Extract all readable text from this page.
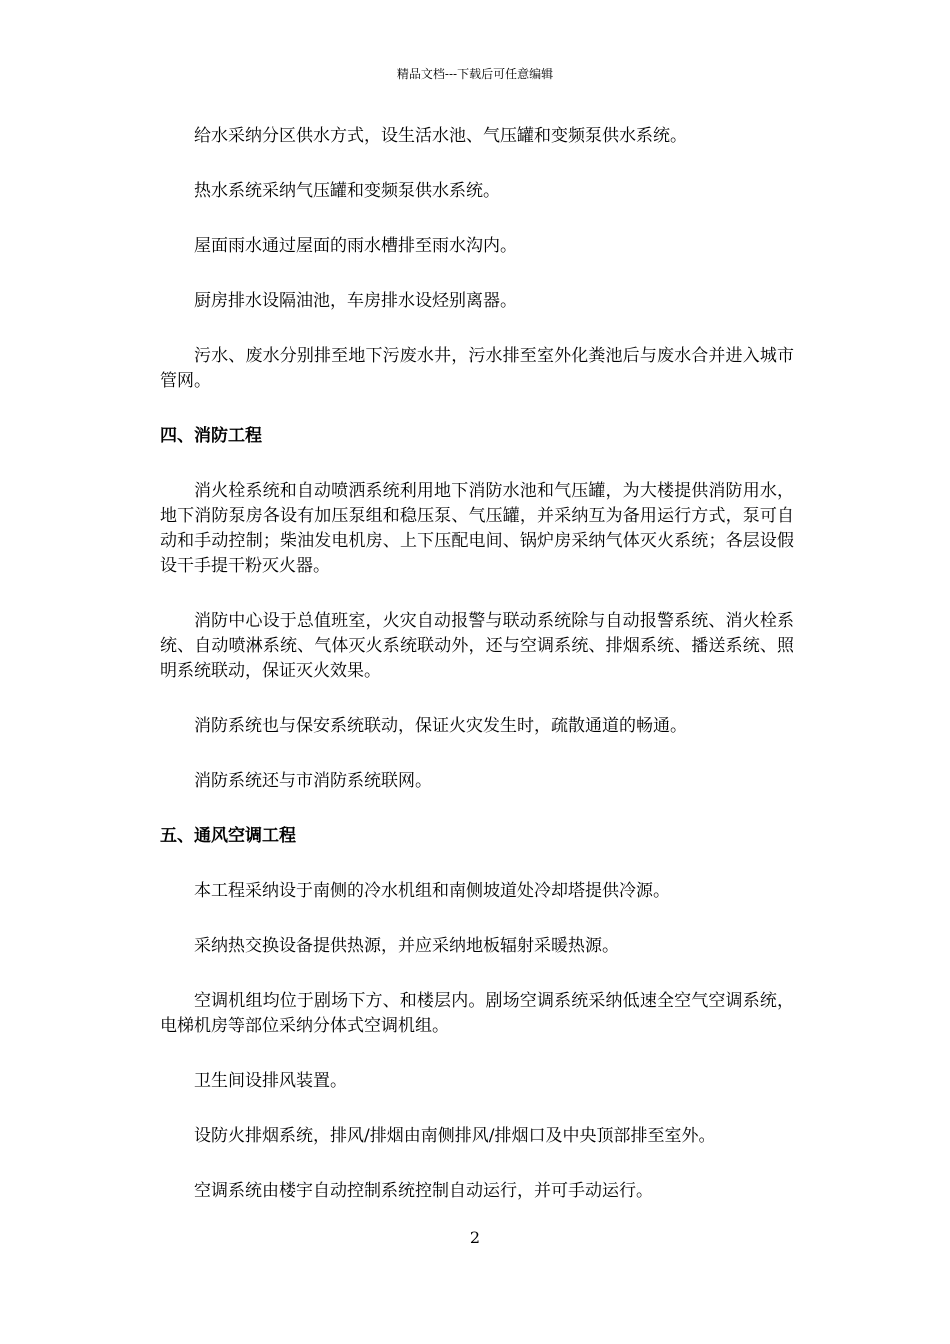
精品文档---下载后可任意编辑

给水采纳分区供水方式，设生活水池、气压罐和变频泵供水系统。

热水系统采纳气压罐和变频泵供水系统。

屋面雨水通过屋面的雨水槽排至雨水沟内。

厨房排水设隔油池，车房排水设烃别离器。

污水、废水分别排至地下污废水井，污水排至室外化粪池后与废水合并进入城市管网。

四、消防工程

消火栓系统和自动喷洒系统利用地下消防水池和气压罐，为大楼提供消防用水，地下消防泵房各设有加压泵组和稳压泵、气压罐，并采纳互为备用运行方式，泵可自动和手动控制；柴油发电机房、上下压配电间、锅炉房采纳气体灭火系统；各层设假设干手提干粉灭火器。

消防中心设于总值班室，火灾自动报警与联动系统除与自动报警系统、消火栓系统、自动喷淋系统、气体灭火系统联动外，还与空调系统、排烟系统、播送系统、照明系统联动，保证灭火效果。

消防系统也与保安系统联动，保证火灾发生时，疏散通道的畅通。

消防系统还与市消防系统联网。

五、通风空调工程

本工程采纳设于南侧的冷水机组和南侧坡道处冷却塔提供冷源。

采纳热交换设备提供热源，并应采纳地板辐射采暖热源。

空调机组均位于剧场下方、和楼层内。剧场空调系统采纳低速全空气空调系统，电梯机房等部位采纳分体式空调机组。

卫生间设排风装置。

设防火排烟系统，排风/排烟由南侧排风/排烟口及中央顶部排至室外。

空调系统由楼宇自动控制系统控制自动运行，并可手动运行。

2
